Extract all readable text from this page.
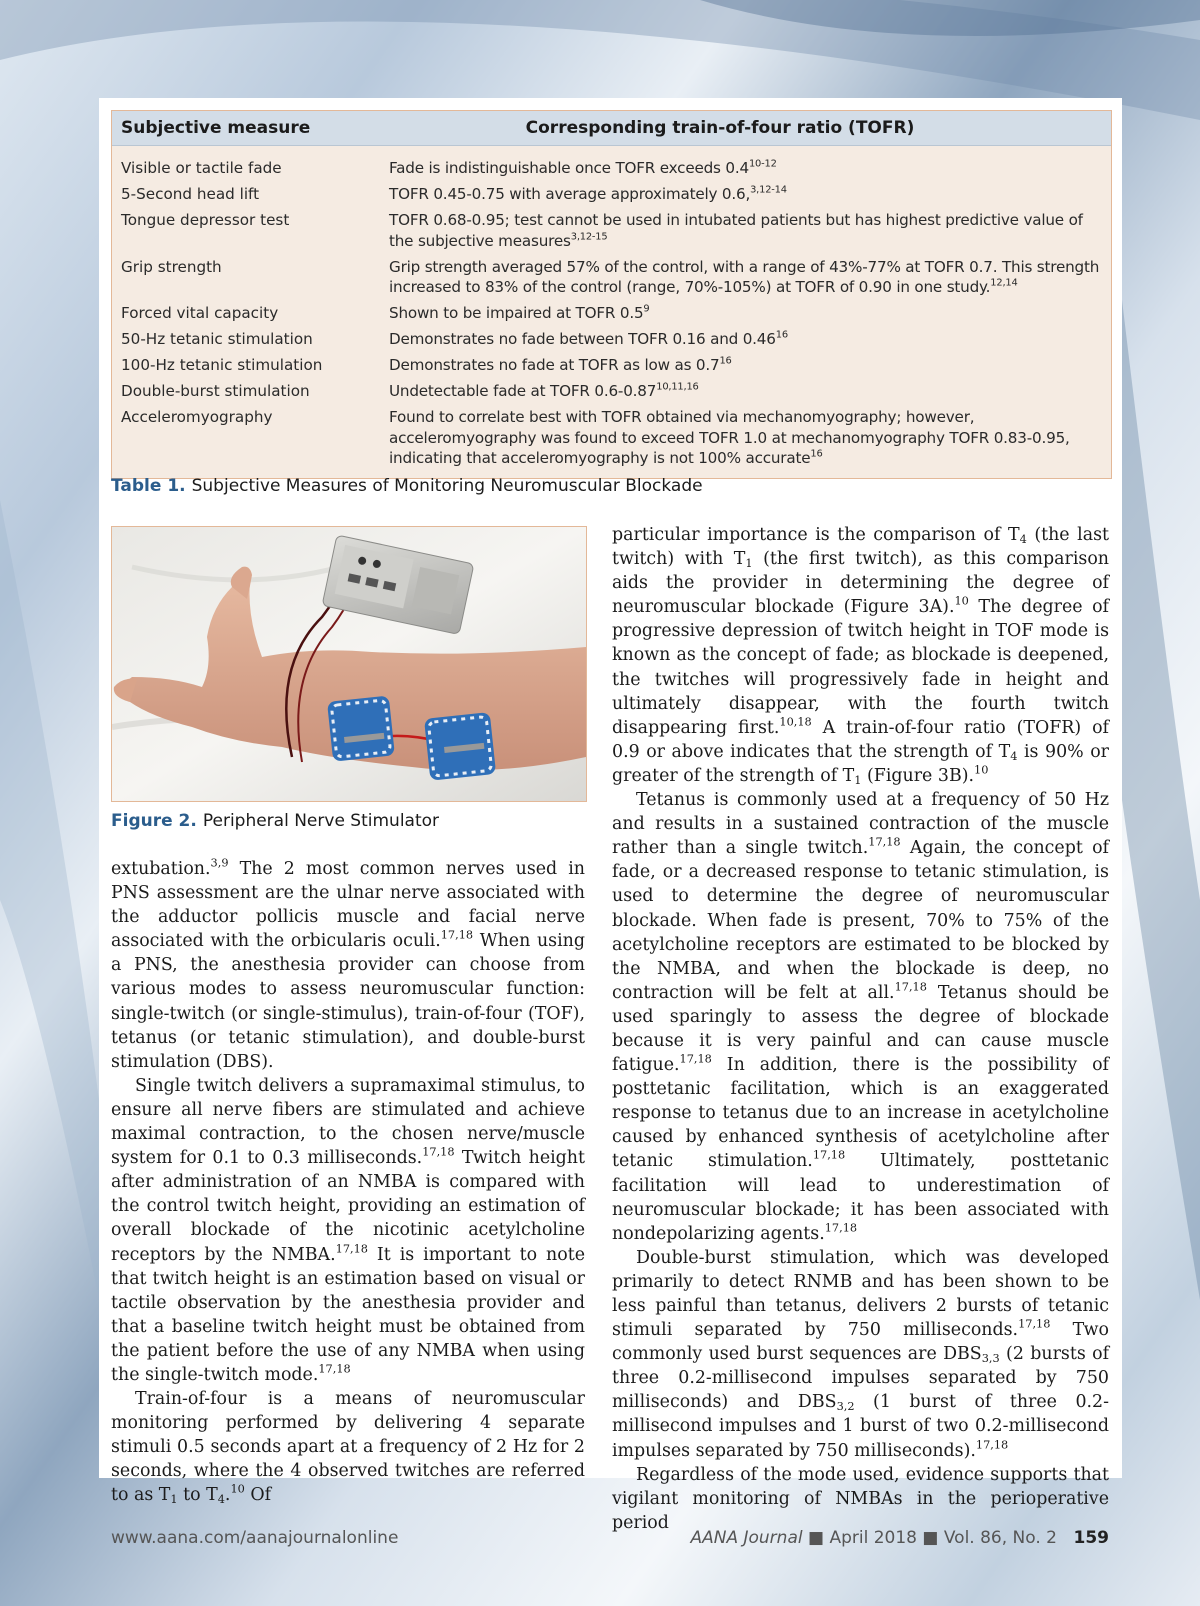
Subjective measure	Corresponding train-of-four ratio (TOFR)
Visible or tactile fade	Fade is indistinguishable once TOFR exceeds 0.4$^{10-12}$
5-Second head lift	TOFR 0.45-0.75 with average approximately 0.6,$^{3,12-14}$
Tongue depressor test	TOFR 0.68-0.95; test cannot be used in intubated patients but has highest predictive value of the subjective measures$^{3,12-15}$
Grip strength	Grip strength averaged 57% of the control, with a range of 43%-77% at TOFR 0.7. This strength increased to 83% of the control (range, 70%-105%) at TOFR of 0.90 in one study.$^{12,14}$
Forced vital capacity	Shown to be impaired at TOFR $0.5^9$
50-Hz tetanic stimulation	Demonstrates no fade between TOFR 0.16 and 0.46$^{16}$
100-Hz tetanic stimulation	Demonstrates no fade at TOFR as low as $0.7^{16}$
Double-burst stimulation	Undetectable fade at TOFR 0.6-0.87$^{10,11,16}$
Acceleromyography	Found to correlate best with TOFR obtained via mechanomyography; however, acceleromyography was found to exceed TOFR 1.0 at mechanomyography TOFR 0.83-0.95, indicating that acceleromyography is not 100% accurate$^{16}$
Table 1. Subjective Measures of Monitoring Neuromuscular Blockade
Figure 2. Peripheral Nerve Stimulator

extubation.$^{3,9}$ The 2 most common nerves used in PNS assessment are the ulnar nerve associated with the adductor pollicis muscle and facial nerve associated with the orbicularis oculi.$^{17,18}$ When using a PNS, the anesthesia provider can choose from various modes to assess neuromuscular function: single-twitch (or single-stimulus), train-of-four (TOF), tetanus (or tetanic stimulation), and double-burst stimulation (DBS).

Single twitch delivers a supramaximal stimulus, to ensure all nerve fibers are stimulated and achieve maximal contraction, to the chosen nerve/muscle system for 0.1 to 0.3 milliseconds.$^{17,18}$ Twitch height after administration of an NMBA is compared with the control twitch height, providing an estimation of overall blockade of the nicotinic acetylcholine receptors by the NMBA.$^{17,18}$ It is important to note that twitch height is an estimation based on visual or tactile observation by the anesthesia provider and that a baseline twitch height must be obtained from the patient before the use of any NMBA when using the single-twitch mode.$^{17,18}$

Train-of-four is a means of neuromuscular monitoring performed by delivering 4 separate stimuli 0.5 seconds apart at a frequency of 2 Hz for 2 seconds, where the 4 observed twitches are referred to as $T_1$ to $T_4.^{10}$ Of

particular importance is the comparison of $T_4$ (the last twitch) with $T_1$ (the first twitch), as this comparison aids the provider in determining the degree of neuromuscular blockade (Figure 3A).$^{10}$ The degree of progressive depression of twitch height in TOF mode is known as the concept of fade; as blockade is deepened, the twitches will progressively fade in height and ultimately disappear, with the fourth twitch disappearing first.$^{10,18}$ A train-of-four ratio (TOFR) of 0.9 or above indicates that the strength of $T_4$ is 90% or greater of the strength of $T_1$ (Figure 3B).$^{10}$

Tetanus is commonly used at a frequency of 50 Hz and results in a sustained contraction of the muscle rather than a single twitch.$^{17,18}$ Again, the concept of fade, or a decreased response to tetanic stimulation, is used to determine the degree of neuromuscular blockade. When fade is present, 70% to 75% of the acetylcholine receptors are estimated to be blocked by the NMBA, and when the blockade is deep, no contraction will be felt at all.$^{17,18}$ Tetanus should be used sparingly to assess the degree of blockade because it is very painful and can cause muscle fatigue.$^{17,18}$ In addition, there is the possibility of posttetanic facilitation, which is an exaggerated response to tetanus due to an increase in acetylcholine caused by enhanced synthesis of acetylcholine after tetanic stimulation.$^{17,18}$ Ultimately, posttetanic facilitation will lead to underestimation of neuromuscular blockade; it has been associated with nondepolarizing agents.$^{17,18}$

Double-burst stimulation, which was developed primarily to detect RNMB and has been shown to be less painful than tetanus, delivers 2 bursts of tetanic stimuli separated by 750 milliseconds.$^{17,18}$ Two commonly used burst sequences are $DBS_{3,3}$ (2 bursts of three 0.2-millisecond impulses separated by 750 milliseconds) and $DBS_{3,2}$ (1 burst of three 0.2-millisecond impulses and 1 burst of two 0.2-millisecond impulses separated by 750 milliseconds).$^{17,18}$

Regardless of the mode used, evidence supports that vigilant monitoring of NMBAs in the perioperative period

www.aana.com/aanajournalonline	AANA Journal ■ April 2018 ■ Vol. 86, No. 2 159
